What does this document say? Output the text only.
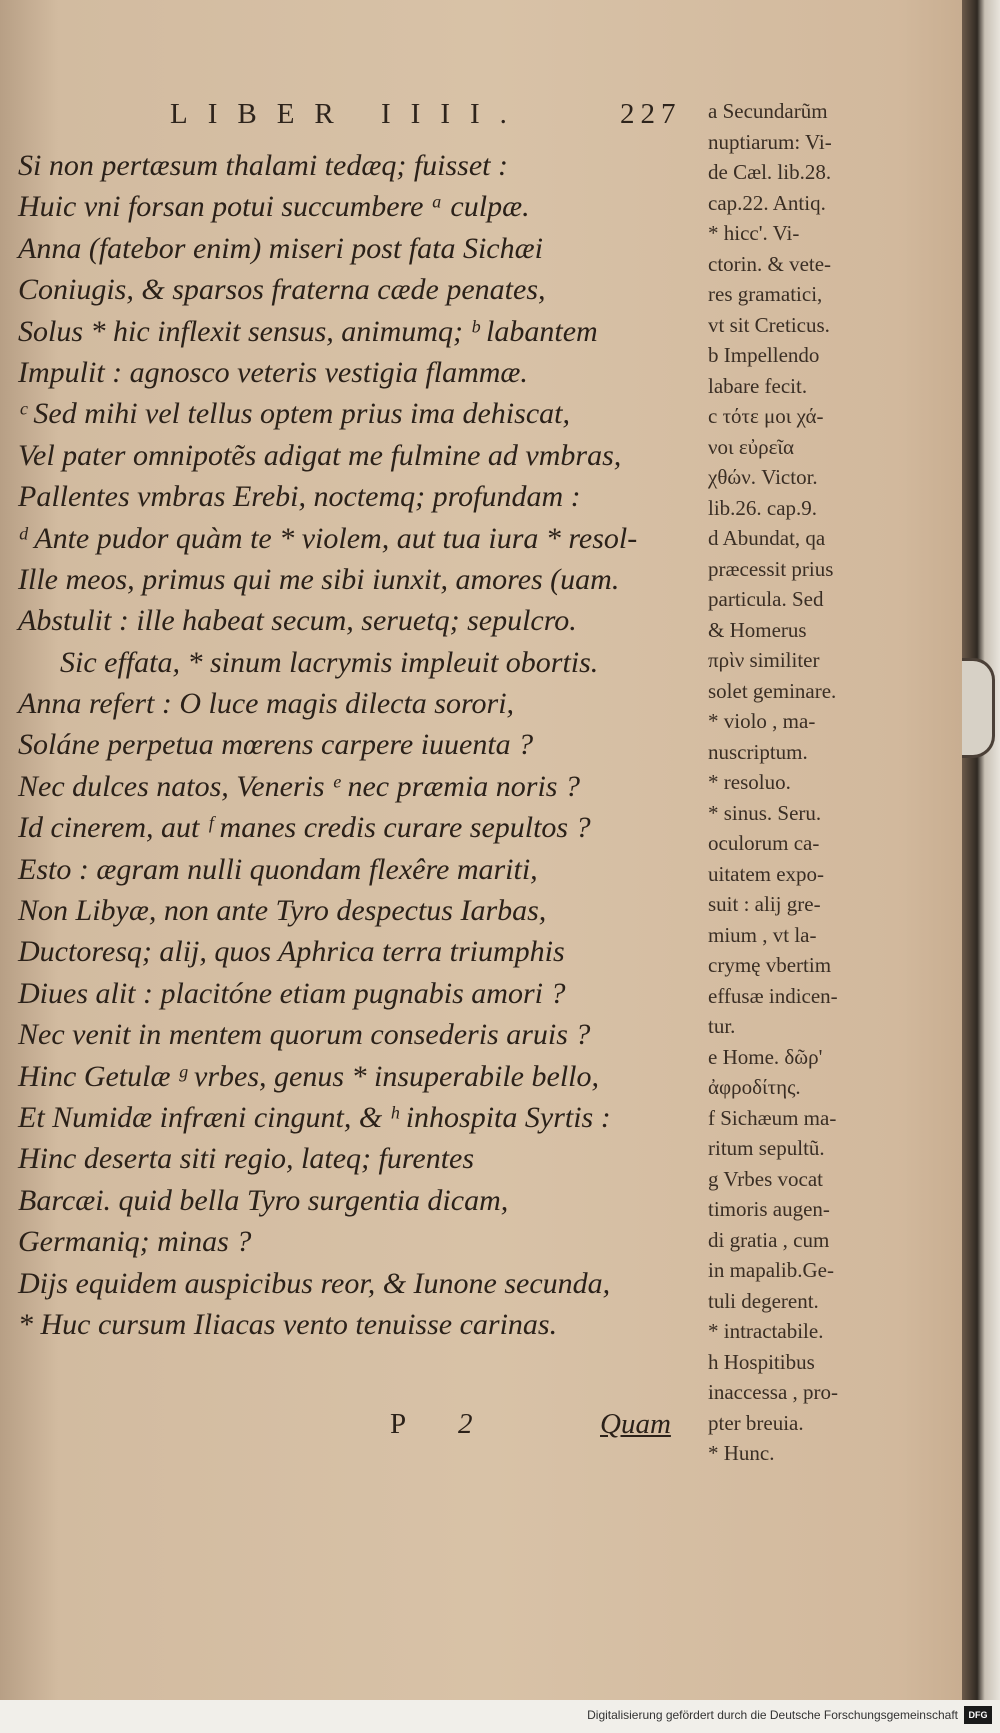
LIBER IIII.	227
Si non pertæsum thalami tedæq; fuisset :
Huic vni forsan potui succumbere ᵃ culpæ.
Anna (fatebor enim) miseri post fata Sichæi
Coniugis, & sparsos fraterna cæde penates,
Solus * hic inflexit sensus, animumq; ᵇ labantem
Impulit : agnosco veteris vestigia flammæ.
ᶜ Sed mihi vel tellus optem prius ima dehiscat,
Vel pater omnipotẽs adigat me fulmine ad vmbras,
Pallentes vmbras Erebi, noctemq; profundam :
ᵈ Ante pudor quàm te * violem, aut tua iura * resol-
Ille meos, primus qui me sibi iunxit, amores (uam.
Abstulit : ille habeat secum, seruetq; sepulcro.
Sic effata, * sinum lacrymis impleuit obortis.
Anna refert : O luce magis dilecta sorori,
Soláne perpetua mœrens carpere iuuenta ?
Nec dulces natos, Veneris ᵉ nec præmia noris ?
Id cinerem, aut ᶠ manes credis curare sepultos ?
Esto : ægram nulli quondam flexêre mariti,
Non Libyæ, non ante Tyro despectus Iarbas,
Ductoresq; alij, quos Aphrica terra triumphis
Diues alit : placitóne etiam pugnabis amori ?
Nec venit in mentem quorum consederis aruis ?
Hinc Getulæ ᵍ vrbes, genus * insuperabile bello,
Et Numidæ infræni cingunt, & ʰ inhospita Syrtis :
Hinc deserta siti regio, lateq; furentes
Barcæi. quid bella Tyro surgentia dicam,
Germaniq; minas ?
Dijs equidem auspicibus reor, & Iunone secunda,
* Huc cursum Iliacas vento tenuisse carinas.
a Secundarũm
nuptiarum: Vi-
de Cæl. lib.28.
cap.22. Antiq.
* hicc'. Vi-
ctorin. & vete-
res gramatici,
vt sit Creticus.
b Impellendo
labare fecit.
c τότε μοι χά-
νοι εὐρεῖα
χθών. Victor.
lib.26. cap.9.
d Abundat, qa
præcessit prius
particula. Sed
& Homerus
πρὶν similiter
solet geminare.
* violo , ma-
nuscriptum.
* resoluo.
* sinus. Seru.
oculorum ca-
uitatem expo-
suit : alij gre-
mium , vt la-
crymę vbertim
effusæ indicen-
tur.
e Home. δῶρ'
ἀφροδίτης.
f Sichæum ma-
ritum sepultũ.
g Vrbes vocat
timoris augen-
di gratia , cum
in mapalib.Ge-
tuli degerent.
* intractabile.
h Hospitibus
inaccessa , pro-
pter breuia.
* Hunc.
P 2	Quam
Digitalisierung gefördert durch die Deutsche Forschungsgemeinschaft	DFG
